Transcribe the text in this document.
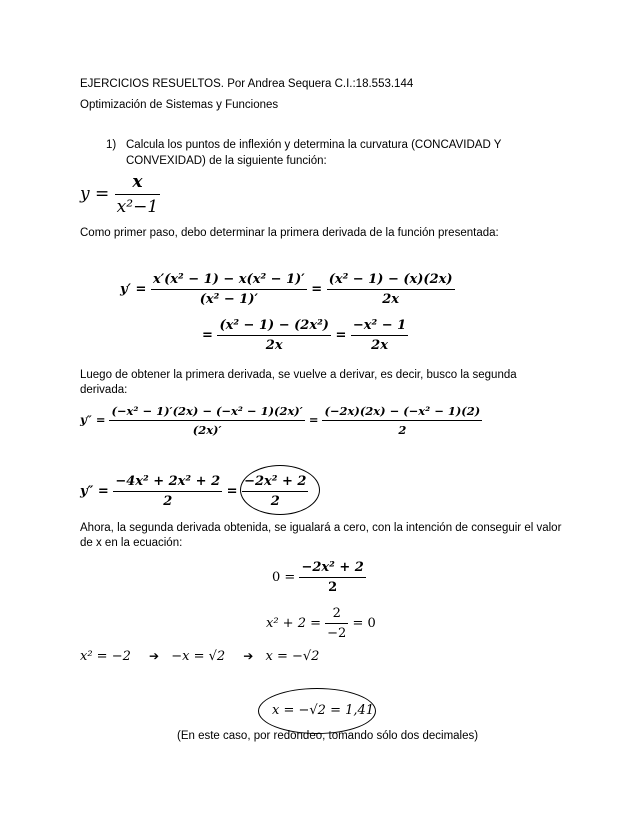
EJERCICIOS RESUELTOS. Por Andrea Sequera C.I.:18.553.144
Optimización de Sistemas y Funciones
1) Calcula los puntos de inflexión y determina la curvatura (CONCAVIDAD Y
CONVEXIDAD) de la siguiente función:
$y = \frac{x}{\text{x²−1}}$
Como primer paso, debo determinar la primera derivada de la función presentada:
$y' = \frac{\text{x′(x² − 1) − x(x² − 1)′}}{\text{(x² − 1)′}} = \frac{\text{(x² − 1) − (x)(2x)}}{2x}$
= $\frac{\text{(x² − 1) − (2x²)}}{2x} = \frac{\text{−x² − 1}}{2x}$
Luego de obtener la primera derivada, se vuelve a derivar, es decir, busco la segunda
derivada:
$y'' = \frac{\text{(−x² − 1)′(2x) − (−x² − 1)(2x)′}}{(2x)'} = \frac{\text{(−2x)(2x) − (−x² − 1)(2)}}{2}$
$y'' = \frac{\text{−4x² + 2x² + 2}}{2} = \frac{\text{−2x² + 2}}{2}$
Ahora, la segunda derivada obtenida, se igualará a cero, con la intención de conseguir el valor
de x en la ecuación:
$0 = \frac{\text{−2x² + 2}}{2}$
$x^2 + 2 = \frac{2}{-2} = 0$
x² = −2 ➔ −x = √2 ➔ x = −√2
x = −√2 = 1,41
(En este caso, por redondeo, tomando sólo dos decimales)
